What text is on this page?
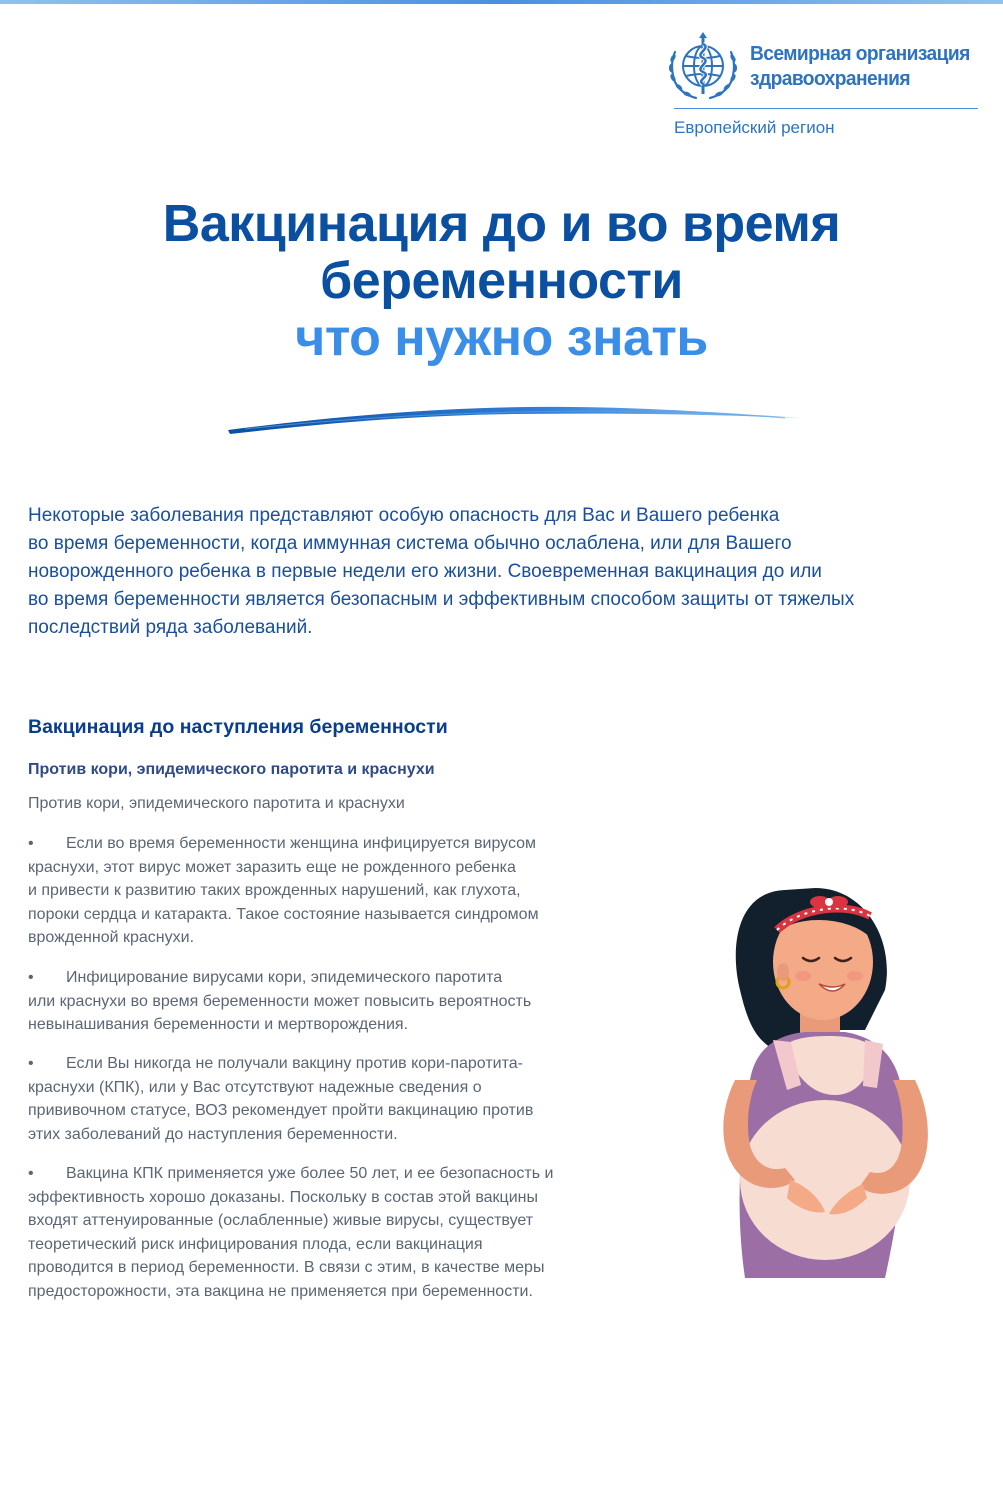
Всемирная организация
здравоохранения
Европейский регион
Вакцинация до и во время
беременности
что нужно знать
Некоторые заболевания представляют особую опасность для Вас и Вашего ребенка
во время беременности, когда иммунная система обычно ослаблена, или для Вашего
новорожденного ребенка в первые недели его жизни. Своевременная вакцинация до или
во время беременности является безопасным и эффективным способом защиты от тяжелых
последствий ряда заболеваний.
Вакцинация до наступления беременности
Против кори, эпидемического паротита и краснухи
Против кори, эпидемического паротита и краснухи
• Если во время беременности женщина инфицируется вирусом
краснухи, этот вирус может заразить еще не рожденного ребенка
и привести к развитию таких врожденных нарушений, как глухота,
пороки сердца и катаракта. Такое состояние называется синдромом
врожденной краснухи.
• Инфицирование вирусами кори, эпидемического паротита
или краснухи во время беременности может повысить вероятность
невынашивания беременности и мертворождения.
• Если Вы никогда не получали вакцину против кори-паротита-
краснухи (КПК), или у Вас отсутствуют надежные сведения о
прививочном статусе, ВОЗ рекомендует пройти вакцинацию против
этих заболеваний до наступления беременности.
• Вакцина КПК применяется уже более 50 лет, и ее безопасность и
эффективность хорошо доказаны. Поскольку в состав этой вакцины
входят аттенуированные (ослабленные) живые вирусы, существует
теоретический риск инфицирования плода, если вакцинация
проводится в период беременности. В связи с этим, в качестве меры
предосторожности, эта вакцина не применяется при беременности.
